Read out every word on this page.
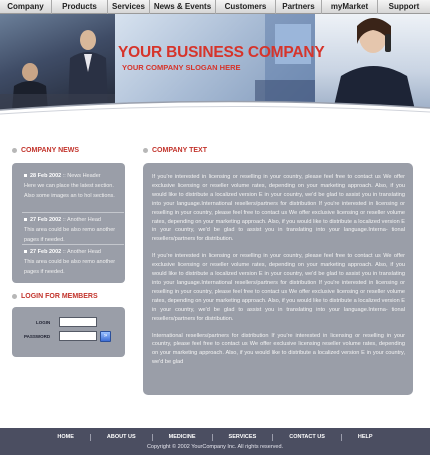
Company	Products	Services	News & Events	Customers	Partners	myMarket	Support
YOUR BUSINESS COMPANY
YOUR COMPANY SLOGAN HERE
COMPANY NEWS
28 Feb 2002 :: News Header
Here we can place the latest section. Also some images an to hol sections.
27 Feb 2002 :: Another Head
This area could be also remo another pages if needed.
27 Feb 2002 :: Another Head
This area could be also remo another pages if needed.
LOGIN FOR MEMBERS
LOGIN
PASSWORD	»
COMPANY TEXT

If you're interested in licensing or reselling in your country, please feel free to contact us We offer exclusive licensing or reseller volume rates, depending on your marketing approach. Also, if you would like to distribute a localized version E in your country, we'd be glad to assist you in translating into your language.International resellers/partners for distribution If you're interested in licensing or reselling in your country, please feel free to contact us We offer exclusive licensing or reseller volume rates, depending on your marketing approach. Also, if you would like to distribute a localized version E in your country, we'd be glad to assist you in translating into your language.Interna- tional resellers/partners for distribution.

If you're interested in licensing or reselling in your country, please feel free to contact us We offer exclusive licensing or reseller volume rates, depending on your marketing approach. Also, if you would like to distribute a localized version E in your country, we'd be glad to assist you in translating into your language.International resellers/partners for distribution If you're interested in licensing or reselling in your country, please feel free to contact us We offer exclusive licensing or reseller volume rates, depending on your marketing approach. Also, if you would like to distribute a localized version E in your country, we'd be glad to assist you in translating into your language.Interna- tional resellers/partners for distribution.

International resellers/partners for distribution If you're interested in licensing or reselling in your country, please feel free to contact us We offer exclusive licensing reseller volume rates, depending on your marketing approach. Also, if you would like to distribute a localized version E in your country, we'd be glad

HOME	ABOUT US	MEDICINE	SERVICES	CONTACT US	HELP
Copyright © 2002 YourCompany Inc. All rights reserved.
